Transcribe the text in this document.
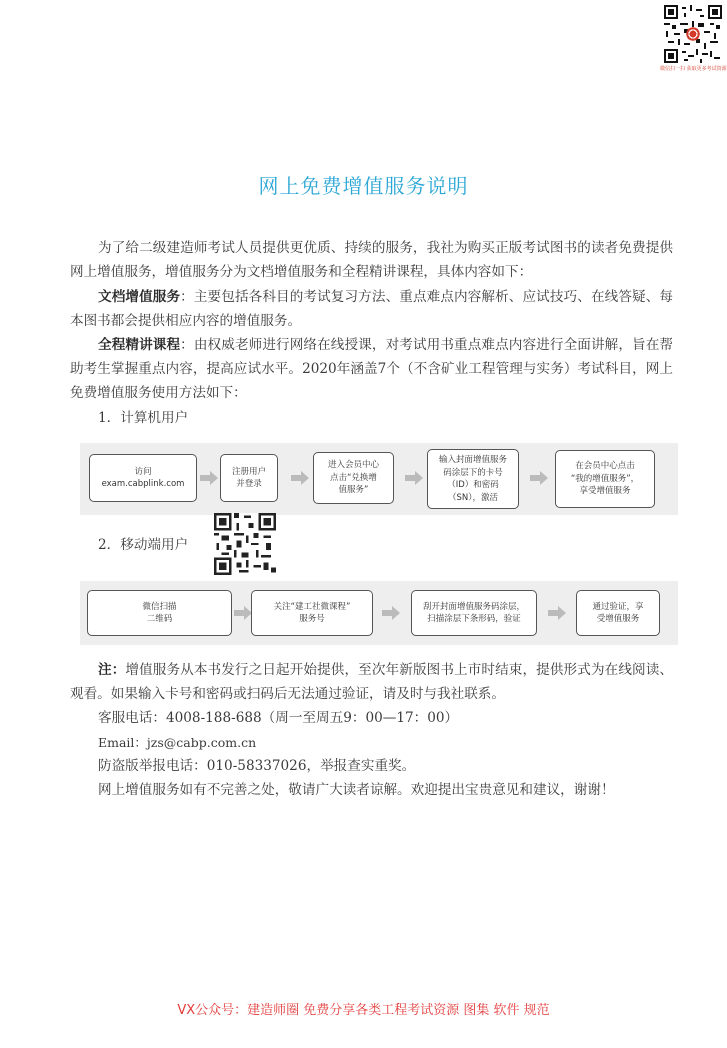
微信扫一扫 获取更多考试资源
网上免费增值服务说明
为了给二级建造师考试人员提供更优质、持续的服务，我社为购买正版考试图书的读者免费提供网上增值服务，增值服务分为文档增值服务和全程精讲课程，具体内容如下：
文档增值服务：主要包括各科目的考试复习方法、重点难点内容解析、应试技巧、在线答疑、每本图书都会提供相应内容的增值服务。
全程精讲课程：由权威老师进行网络在线授课，对考试用书重点难点内容进行全面讲解，旨在帮助考生掌握重点内容，提高应试水平。2020年涵盖7个（不含矿业工程管理与实务）考试科目，网上免费增值服务使用方法如下：
1．计算机用户
访问
exam.cabplink.com
注册用户
并登录
进入会员中心
点击“兑换增
值服务”
输入封面增值服务
码涂层下的卡号
（ID）和密码
（SN），激活
在会员中心点击
“我的增值服务”，
享受增值服务
2．移动端用户
微信扫描
二维码
关注“建工社微课程”
服务号
刮开封面增值服务码涂层，
扫描涂层下条形码，验证
通过验证，享
受增值服务
注：增值服务从本书发行之日起开始提供，至次年新版图书上市时结束，提供形式为在线阅读、观看。如果输入卡号和密码或扫码后无法通过验证，请及时与我社联系。
客服电话：4008-188-688（周一至周五9：00—17：00）
Email：jzs@cabp.com.cn
防盗版举报电话：010-58337026，举报查实重奖。
网上增值服务如有不完善之处，敬请广大读者谅解。欢迎提出宝贵意见和建议，谢谢！
VX公众号：建造师圈 免费分享各类工程考试资源 图集 软件 规范
